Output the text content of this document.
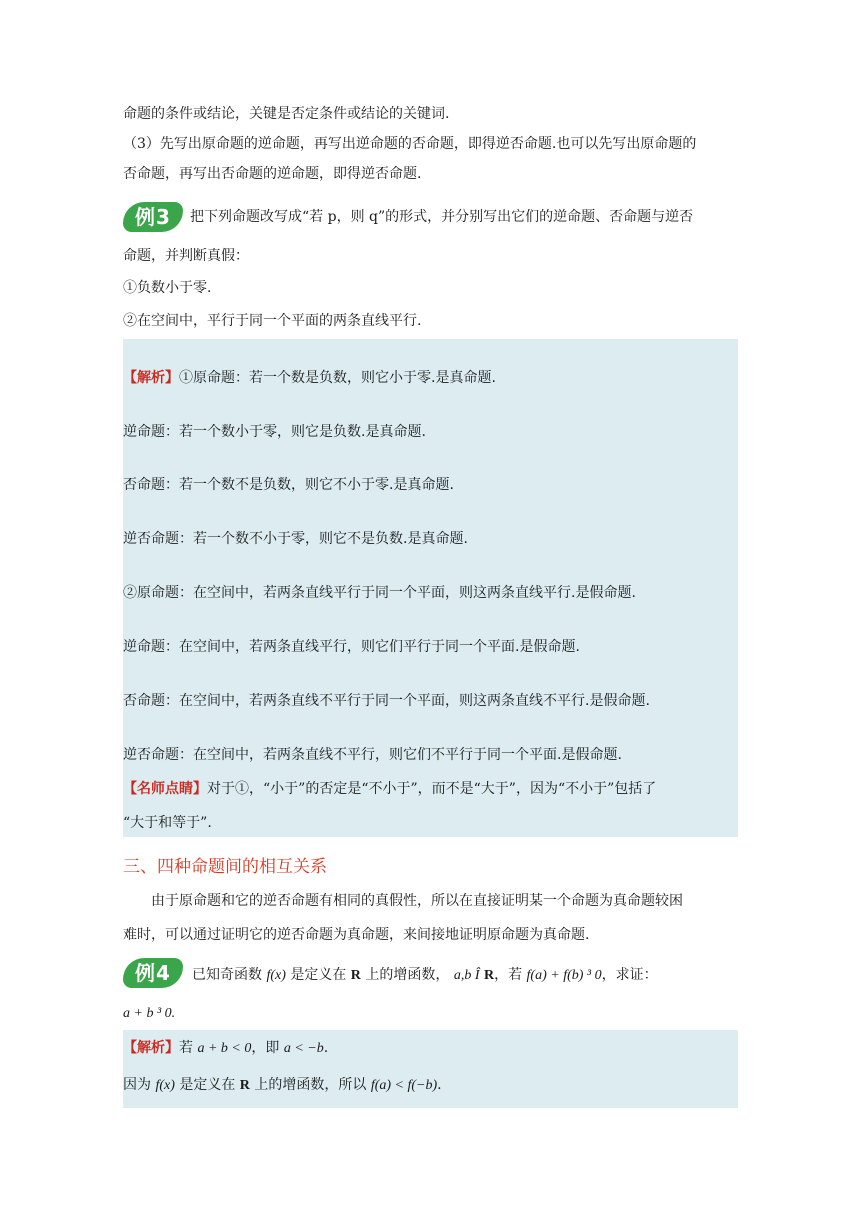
命题的条件或结论，关键是否定条件或结论的关键词.
（3）先写出原命题的逆命题，再写出逆命题的否命题，即得逆否命题.也可以先写出原命题的
否命题，再写出否命题的逆命题，即得逆否命题.
例3	把下列命题改写成“若 p，则 q”的形式，并分别写出它们的逆命题、否命题与逆否
命题，并判断真假：
①负数小于零.
②在空间中，平行于同一个平面的两条直线平行.
【解析】①原命题：若一个数是负数，则它小于零.是真命题.
逆命题：若一个数小于零，则它是负数.是真命题.
否命题：若一个数不是负数，则它不小于零.是真命题.
逆否命题：若一个数不小于零，则它不是负数.是真命题.
②原命题：在空间中，若两条直线平行于同一个平面，则这两条直线平行.是假命题.
逆命题：在空间中，若两条直线平行，则它们平行于同一个平面.是假命题.
否命题：在空间中，若两条直线不平行于同一个平面，则这两条直线不平行.是假命题.
逆否命题：在空间中，若两条直线不平行，则它们不平行于同一个平面.是假命题.
【名师点睛】对于①，“小于”的否定是“不小于”，而不是“大于”，因为“不小于”包括了
“大于和等于”.
三、四种命题间的相互关系
由于原命题和它的逆否命题有相同的真假性，所以在直接证明某一个命题为真命题较困
难时，可以通过证明它的逆否命题为真命题，来间接地证明原命题为真命题.
例4	已知奇函数 f(x) 是定义在 R 上的增函数， a,b Î R，若 f(a) + f(b) ³ 0，求证：
a + b ³ 0.
【解析】若 a + b < 0，即 a < −b.
因为 f(x) 是定义在 R 上的增函数，所以 f(a) < f(−b).
